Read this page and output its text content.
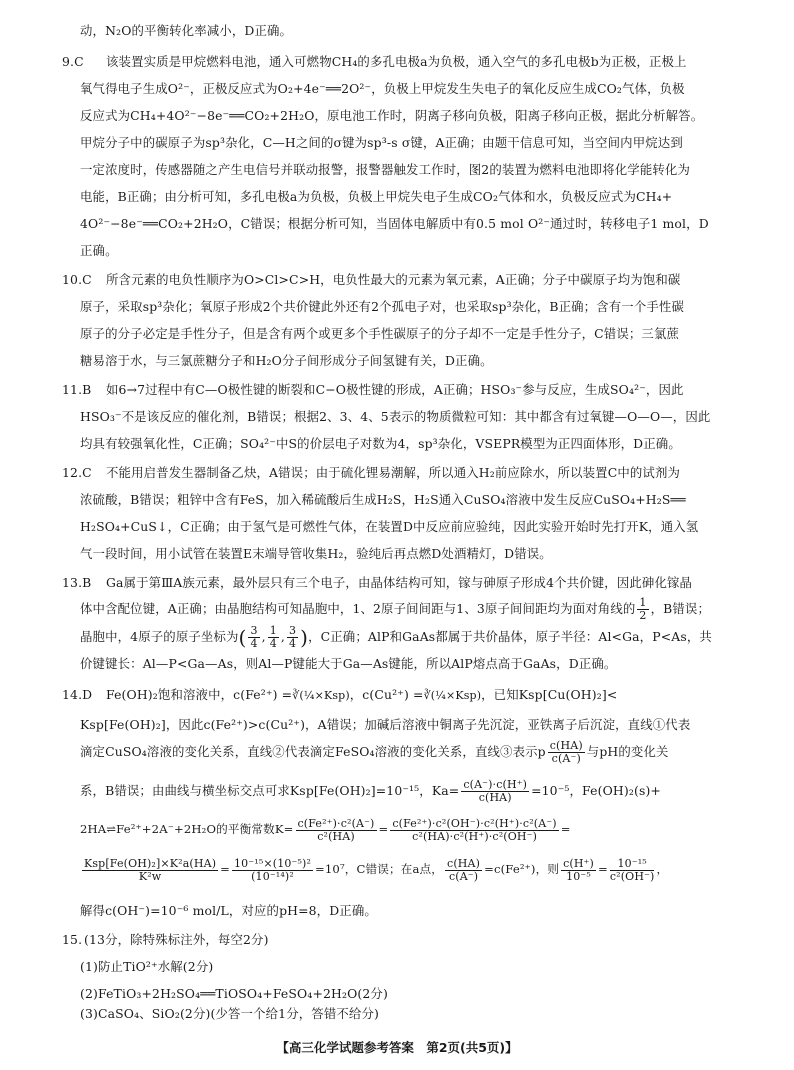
动，N₂O的平衡转化率减小，D正确。
9.C 该装置实质是甲烷燃料电池，通入可燃物CH₄的多孔电极a为负极，通入空气的多孔电极b为正极，正极上
氧气得电子生成O²⁻，正极反应式为O₂+4e⁻══2O²⁻，负极上甲烷发生失电子的氧化反应生成CO₂气体，负极
反应式为CH₄+4O²⁻−8e⁻══CO₂+2H₂O，原电池工作时，阴离子移向负极，阳离子移向正极，据此分析解答。
甲烷分子中的碳原子为sp³杂化，C—H之间的σ键为sp³-s σ键，A正确；由题干信息可知，当空间内甲烷达到
一定浓度时，传感器随之产生电信号并联动报警，报警器触发工作时，图2的装置为燃料电池即将化学能转化为
电能，B正确；由分析可知，多孔电极a为负极，负极上甲烷失电子生成CO₂气体和水，负极反应式为CH₄+
4O²⁻−8e⁻══CO₂+2H₂O，C错误；根据分析可知，当固体电解质中有0.5 mol O²⁻通过时，转移电子1 mol，D
正确。
10.C 所含元素的电负性顺序为O>Cl>C>H，电负性最大的元素为氧元素，A正确；分子中碳原子均为饱和碳
原子，采取sp³杂化；氧原子形成2个共价键此外还有2个孤电子对，也采取sp³杂化，B正确；含有一个手性碳
原子的分子必定是手性分子，但是含有两个或更多个手性碳原子的分子却不一定是手性分子，C错误；三氯蔗
糖易溶于水，与三氯蔗糖分子和H₂O分子间形成分子间氢键有关，D正确。
11.B 如6→7过程中有C—O极性键的断裂和C−O极性键的形成，A正确；HSO₃⁻参与反应，生成SO₄²⁻，因此
HSO₃⁻不是该反应的催化剂，B错误；根据2、3、4、5表示的物质微粒可知：其中都含有过氧键—O—O—，因此
均具有较强氧化性，C正确；SO₄²⁻中S的价层电子对数为4，sp³杂化，VSEPR模型为正四面体形，D正确。
12.C 不能用启普发生器制备乙炔，A错误；由于硫化锂易潮解，所以通入H₂前应除水，所以装置C中的试剂为
浓硫酸，B错误；粗锌中含有FeS，加入稀硫酸后生成H₂S，H₂S通入CuSO₄溶液中发生反应CuSO₄+H₂S══
H₂SO₄+CuS↓，C正确；由于氢气是可燃性气体，在装置D中反应前应验纯，因此实验开始时先打开K，通入氢
气一段时间，用小试管在装置E末端导管收集H₂，验纯后再点燃D处酒精灯，D错误。
13.B Ga属于第ⅢA族元素，最外层只有三个电子，由晶体结构可知，镓与砷原子形成4个共价键，因此砷化镓晶
体中含配位键，A正确；由晶胞结构可知晶胞中，1、2原子间间距与1、3原子间间距均为面对角线的 $\frac{1}{2}$ ，B错误；
晶胞中，4原子的原子坐标为( $\frac{3}{4}$ , $\frac{1}{4}$ , $\frac{3}{4}$ )，C正确；AlP和GaAs都属于共价晶体，原子半径：Al<Ga，P<As，共
价键键长：Al—P<Ga—As，则Al—P键能大于Ga—As键能，所以AlP熔点高于GaAs，D正确。
14.D Fe(OH)₂饱和溶液中，c(Fe²⁺) =∛(¼×Ksp)，c(Cu²⁺) =∛(¼×Ksp)，已知Ksp[Cu(OH)₂]<
Ksp[Fe(OH)₂]，因此c(Fe²⁺)>c(Cu²⁺)，A错误；加碱后溶液中铜离子先沉淀，亚铁离子后沉淀，直线①代表
滴定CuSO₄溶液的变化关系，直线②代表滴定FeSO₄溶液的变化关系，直线③表示p $\frac{c(HA)}{c(A^-)}$ 与pH的变化关
系，B错误；由曲线与横坐标交点可求Ksp[Fe(OH)₂]=10⁻¹⁵，$Ka= \frac{c(A^-)\cdot c(H^+)}{c(HA)} =10^{-5}$，Fe(OH)₂(s)+
2HA⇌Fe²⁺+2A⁻+2H₂O的平衡常数$K= \frac{\text{c(Fe²⁺)·c²(A⁻)}}{\text{c²(HA)}} = \frac{\text{c(Fe²⁺)·c²(OH⁻)·c²(H⁺)·c²(A⁻)}}{\text{c²(HA)·c²(H⁺)·c²(OH⁻)}}$ =
$\frac{\text{Ksp[Fe(OH)₂]×K²a(HA)}}{\text{K²w}} = \frac{\text{10⁻¹⁵×(10⁻⁵)²}}{\text{(10⁻¹⁴)²}} =10^7$，C错误；在a点， $\frac{c(HA)}{c(A^-)} =c(Fe^{2+})$，则 $\frac{c(H^+)}{\text{10⁻⁵}} = \frac{\text{10⁻¹⁵}}{\text{c²(OH⁻)}}$ ，
解得c(OH⁻)=10⁻⁶ mol/L，对应的pH=8，D正确。
15. (13分，除特殊标注外，每空2分)
(1)防止TiO²⁺水解(2分)
(2)FeTiO₃+2H₂SO₄══TiOSO₄+FeSO₄+2H₂O(2分)
(3)CaSO₄、SiO₂(2分)(少答一个给1分，答错不给分)
【高三化学试题参考答案　第2页(共5页)】
